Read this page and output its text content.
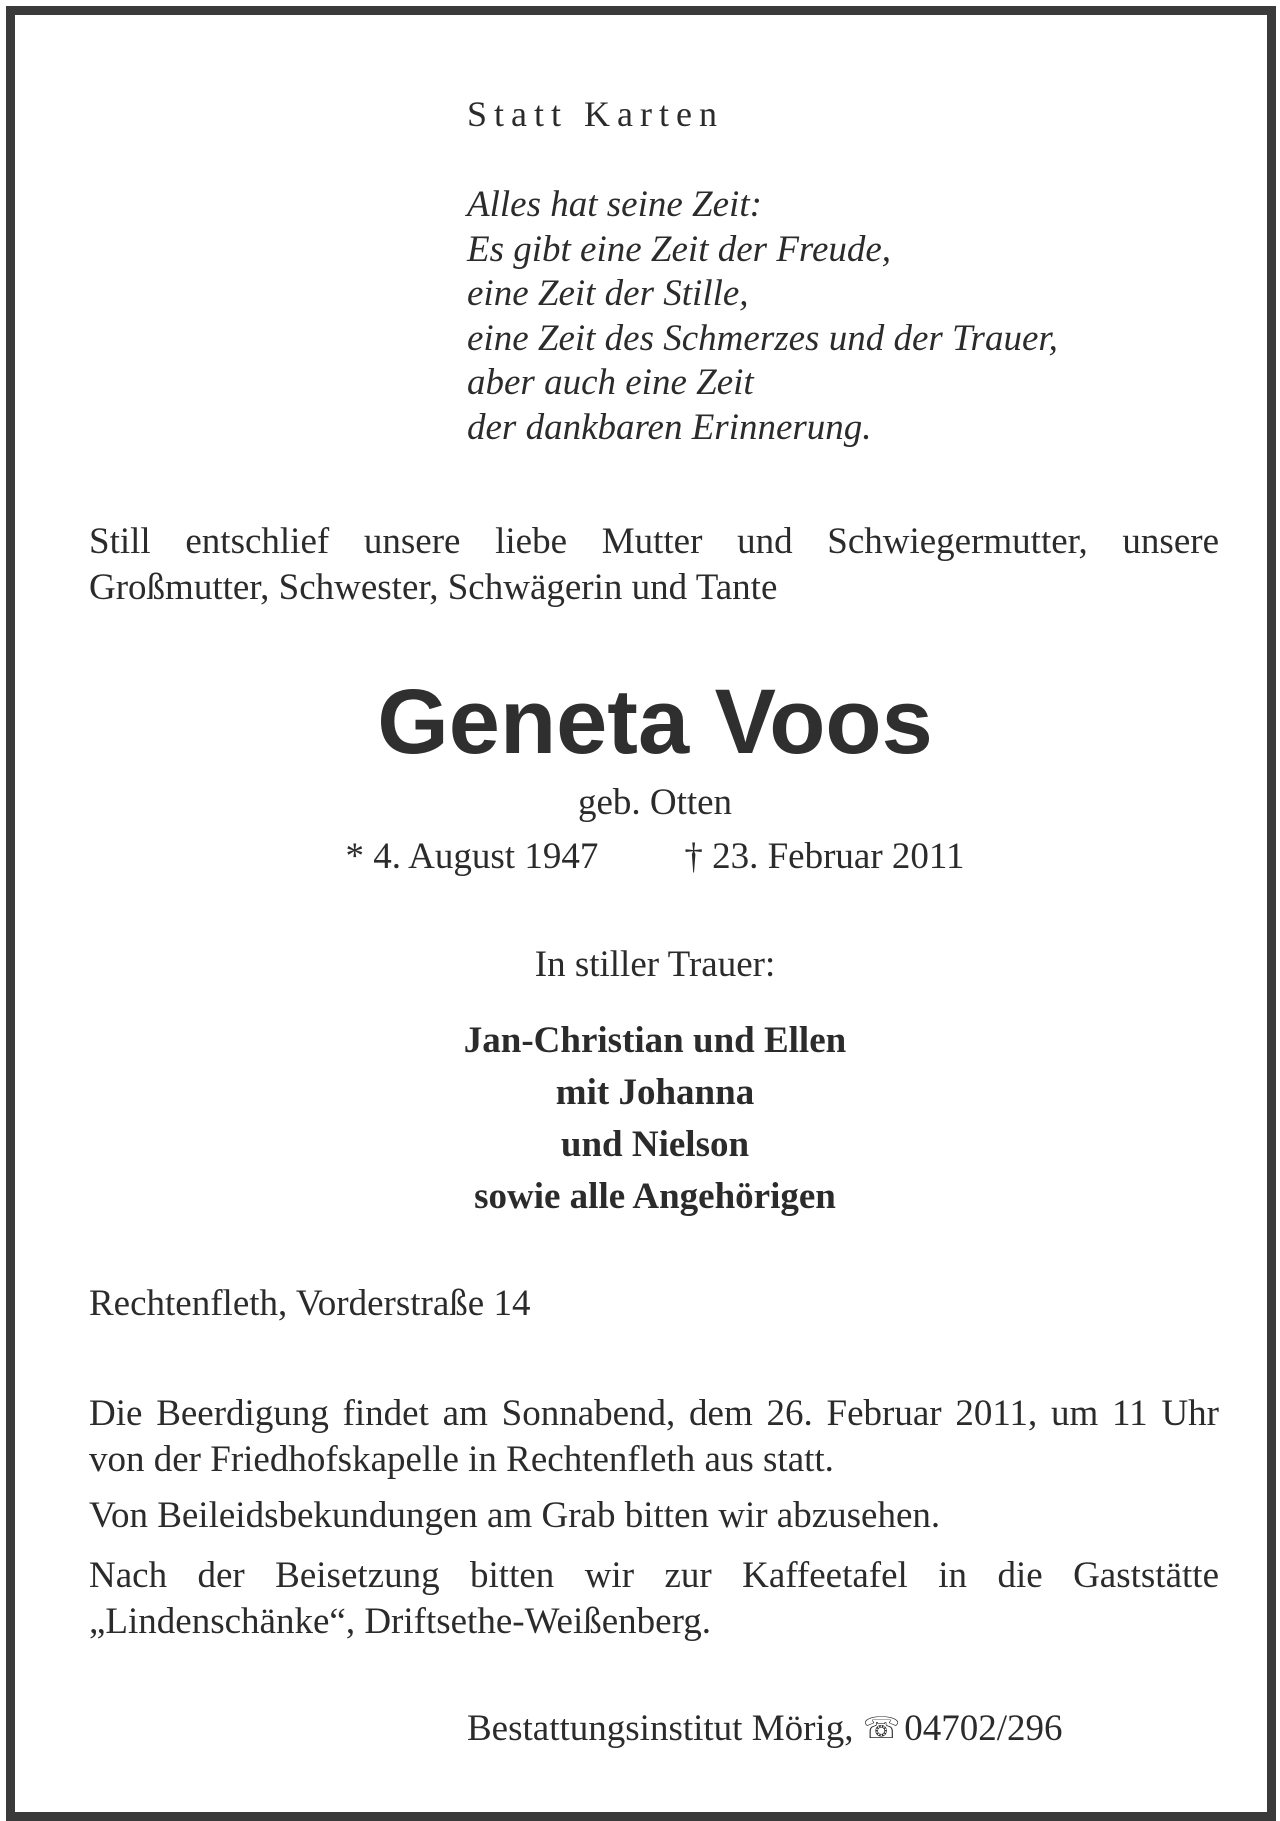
Statt Karten
Alles hat seine Zeit:
Es gibt eine Zeit der Freude,
eine Zeit der Stille,
eine Zeit des Schmerzes und der Trauer,
aber auch eine Zeit
der dankbaren Erinnerung.
Still entschlief unsere liebe Mutter und Schwiegermutter, unsere Großmutter, Schwester, Schwägerin und Tante
Geneta Voos
geb. Otten
* 4. August 1947 † 23. Februar 2011
In stiller Trauer:
Jan-Christian und Ellen
mit Johanna
und Nielson
sowie alle Angehörigen
Rechtenfleth, Vorderstraße 14
Die Beerdigung findet am Sonnabend, dem 26. Februar 2011, um 11 Uhr von der Friedhofskapelle in Rechtenfleth aus statt.
Von Beileidsbekundungen am Grab bitten wir abzusehen.
Nach der Beisetzung bitten wir zur Kaffeetafel in die Gaststätte „Lindenschänke“, Driftsethe-Weißenberg.
Bestattungsinstitut Mörig, ☏ 04702/296
